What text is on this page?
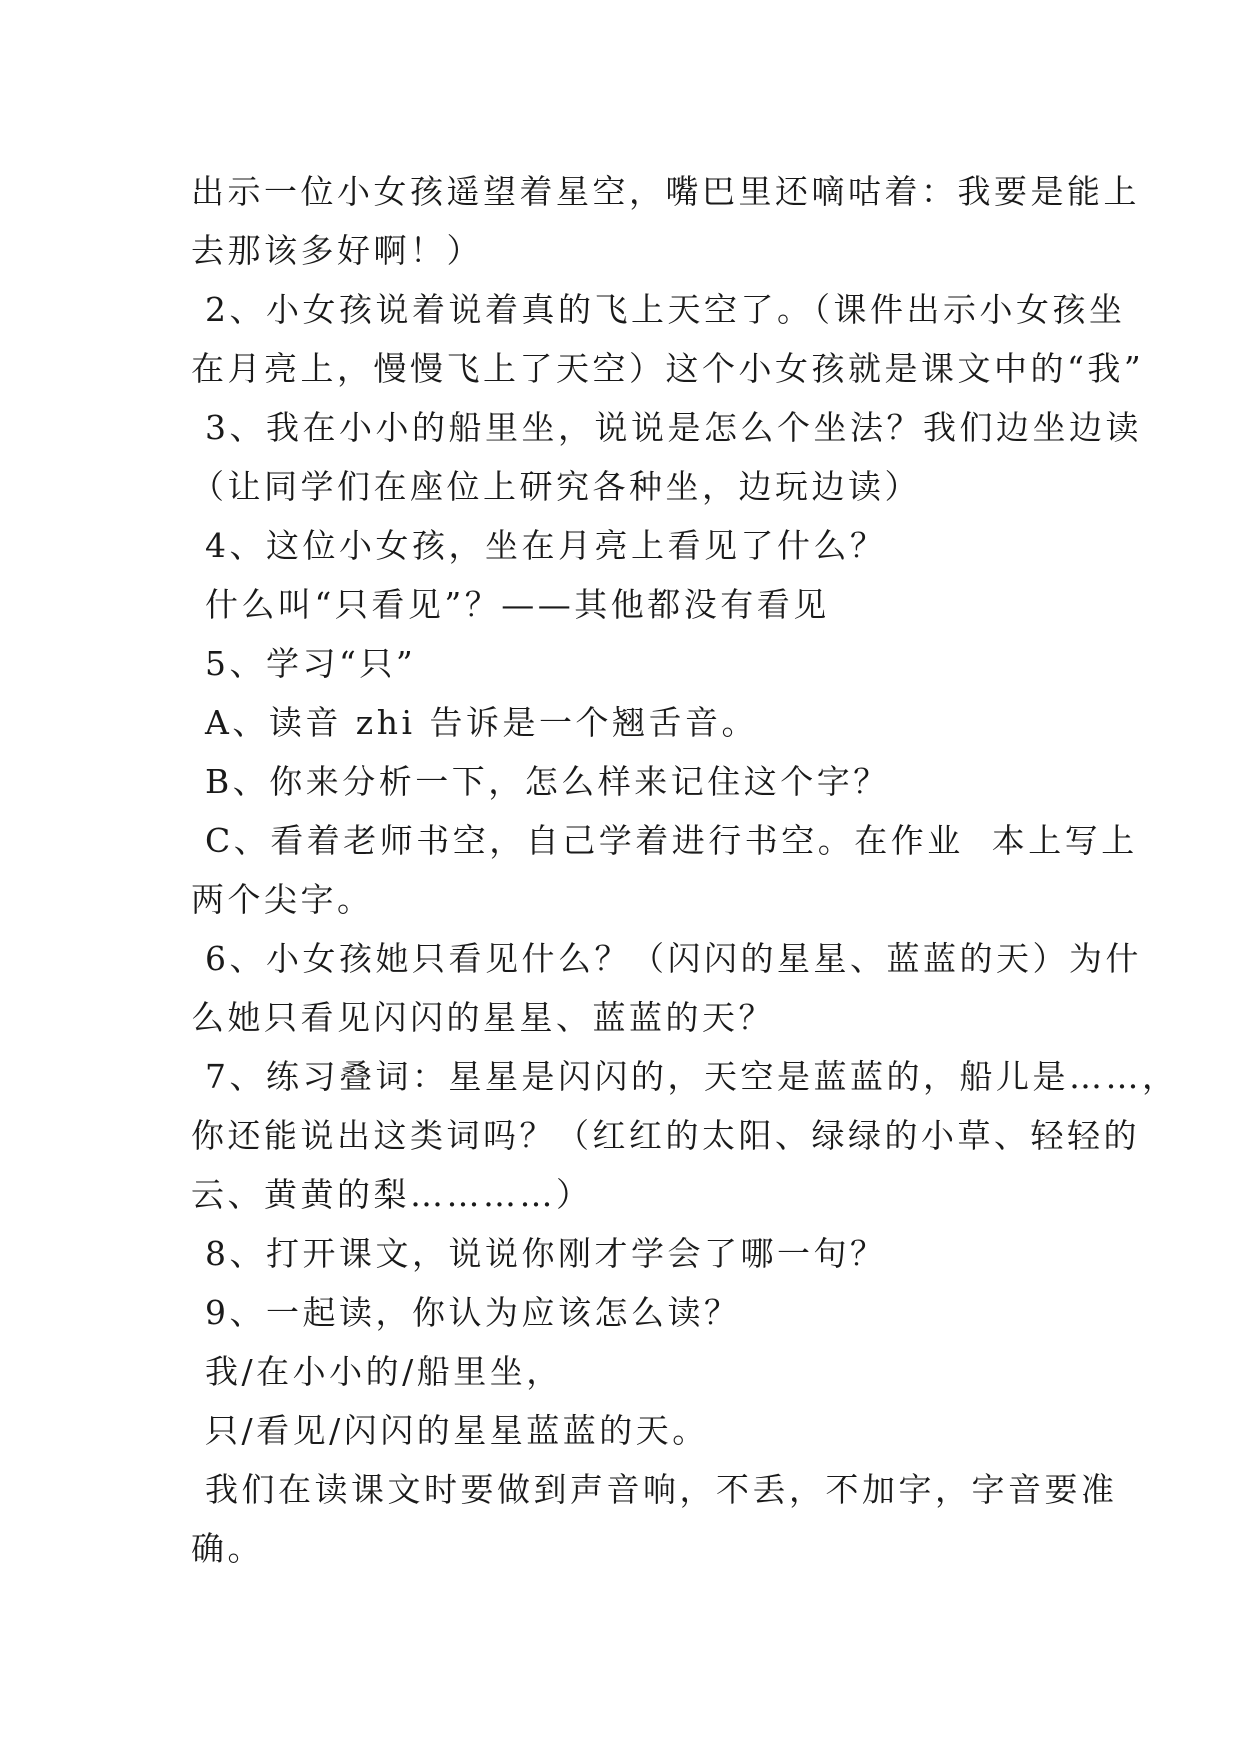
出示一位小女孩遥望着星空，嘴巴里还嘀咕着：我要是能上
去那该多好啊！）
2、小女孩说着说着真的飞上天空了。（课件出示小女孩坐
在月亮上，慢慢飞上了天空）这个小女孩就是课文中的“我”
3、我在小小的船里坐，说说是怎么个坐法？我们边坐边读
（让同学们在座位上研究各种坐，边玩边读）
4、这位小女孩，坐在月亮上看见了什么？
什么叫“只看见”？——其他都没有看见
5、学习“只”
A、读音 zhi 告诉是一个翘舌音。
B、你来分析一下，怎么样来记住这个字？
C、看着老师书空，自己学着进行书空。在作业  本上写上
两个尖字。
6、小女孩她只看见什么？（闪闪的星星、蓝蓝的天）为什
么她只看见闪闪的星星、蓝蓝的天？
7、练习叠词：星星是闪闪的，天空是蓝蓝的，船儿是……，
你还能说出这类词吗？（红红的太阳、绿绿的小草、轻轻的
云、黄黄的梨…………）
8、打开课文，说说你刚才学会了哪一句？
9、一起读，你认为应该怎么读？
我/在小小的/船里坐，
只/看见/闪闪的星星蓝蓝的天。
我们在读课文时要做到声音响，不丢，不加字，字音要准
确。
